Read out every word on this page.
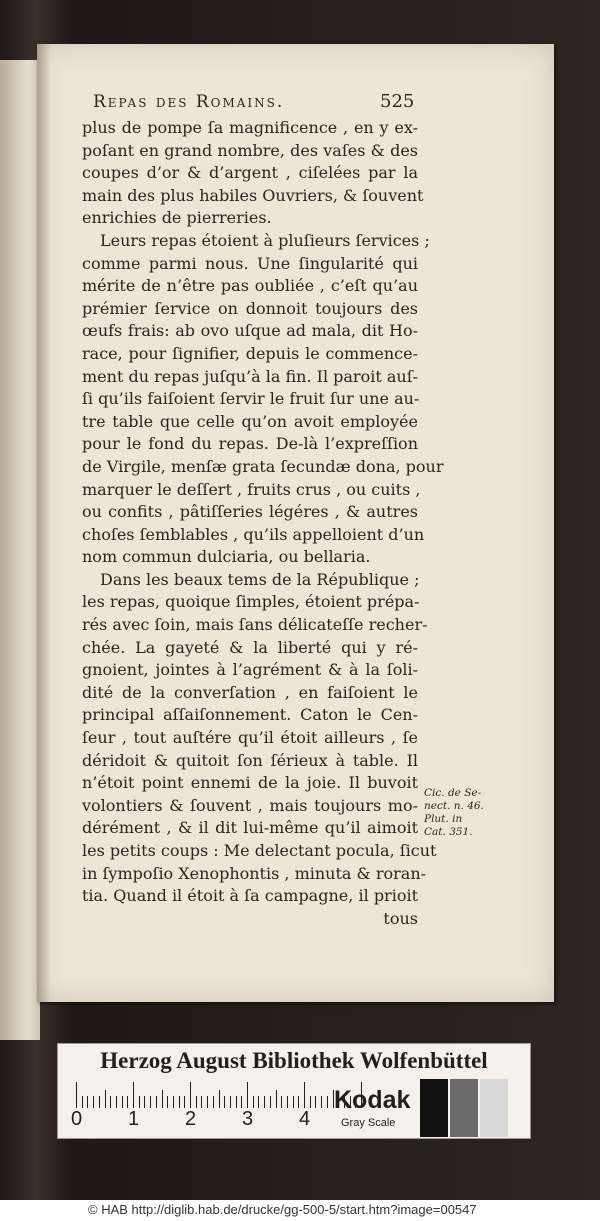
Repas des Romains.	525
plus de pompe ſa magnificence , en y ex-
poſant en grand nombre, des vaſes & des
coupes d’or & d’argent , ciſelées par la
main des plus habiles Ouvriers, & ſouvent
enrichies de pierreries.
Leurs repas étoient à pluſieurs ſervices ;
comme parmi nous. Une ſingularité qui
mérite de n’être pas oubliée , c’eſt qu’au
prémier ſervice on donnoit toujours des
œufs frais: ab ovo uſque ad mala, dit Ho-
race, pour ſignifier, depuis le commence-
ment du repas juſqu’à la fin. Il paroit auſ-
ſi qu’ils faiſoient ſervir le fruit ſur une au-
tre table que celle qu’on avoit employée
pour le fond du repas. De-là l’expreſſion
de Virgile, menſæ grata ſecundæ dona, pour
marquer le deſſert , fruits crus , ou cuits ,
ou confits , pâtiſſeries légéres , & autres
choſes ſemblables , qu’ils appelloient d’un
nom commun dulciaria, ou bellaria.
Dans les beaux tems de la République ;
les repas, quoique ſimples, étoient prépa-
rés avec ſoin, mais ſans délicateſſe recher-
chée. La gayeté & la liberté qui y ré-
gnoient, jointes à l’agrément & à la ſoli-
dité de la converſation , en faiſoient le
principal aſſaiſonnement. Caton le Cen-
ſeur , tout auſtére qu’il étoit ailleurs , ſe
déridoit & quitoit ſon ſérieux à table. Il
n’étoit point ennemi de la joie. Il buvoit
volontiers & ſouvent , mais toujours mo-
dérément , & il dit lui-même qu’il aimoit
les petits coups : Me delectant pocula, ſicut
in ſympoſio Xenophontis , minuta & roran-
tia. Quand il étoit à ſa campagne, il prioit
tous
Cic. de Se-
nect. n. 46.
Plut. in
Cat. 351.
Herzog August Bibliothek Wolfenbüttel
0 1 2 3 4
Kodak
Gray Scale
© HAB http://diglib.hab.de/drucke/gg-500-5/start.htm?image=00547
